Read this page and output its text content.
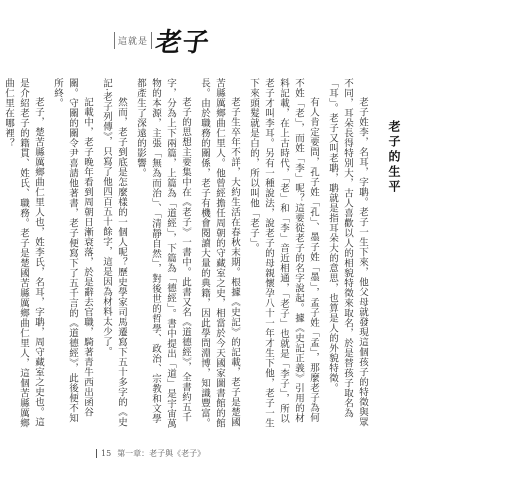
這就是 老子
老子的生平

老子姓李，名耳，字聃。老子一生下來，他父母就發現這個孩子的特徵與眾不同，耳朵長得特別大，古人喜歡以人的相貌特徵來取名，於是替孩子取名為「耳」。老子又叫老聃，聃就是指耳朵大的意思，也算是人的外貌特徵。

有人肯定要問，孔子姓「孔」、墨子姓「墨」，孟子姓「孟」，那麼老子為何不姓「老」，而姓「李」呢？這要從老子的名字說起。據《史記正義》引用的材料記載，在上古時代，「老」和「李」音近相通，「老子」也就是「李子」，所以老子才叫李耳。另有一種說法，說老子的母親懷孕八十一年才生下他，老子一生下來頭髮就是白的，所以叫他「老子」。

老子生卒年不詳，大約生活在春秋末期。根據《史記》的記載，老子是楚國苦縣厲鄉曲仁里人。他曾經擔任周朝的守藏室之史，相當於今天國家圖書館的館長。由於職務的關係，老子有機會閱讀大量的典籍，因此學問淵博，知識豐富。

老子的思想主要集中在《老子》一書中。此書又名《道德經》，全書約五千字，分為上下兩篇，上篇為「道經」，下篇為「德經」。書中提出「道」是宇宙萬物的本源，主張「無為而治」、「清靜自然」，對後世的哲學、政治、宗教和文學都產生了深遠的影響。

然而，老子到底是怎麼樣的一個人呢？歷史學家司馬遷寫下五十多字的《史記·老子列傳》，只寫了他四百五十餘字，這是因為材料太少了。

記載中，老子晚年看到周朝日漸衰落，於是辭去官職，騎著青牛西出函谷關。守關的關令尹喜請他著書，老子便寫下了五千言的《道德經》，此後便不知所終。

老子，楚苦縣厲鄉曲仁里人也，姓李氏，名耳，字聃，周守藏室之史也。這是介紹老子的籍貫、姓氏、職務。老子是楚國苦縣厲鄉曲仁里人，這個苦縣厲鄉曲仁里在哪裡？

15 第一章：老子與《老子》
